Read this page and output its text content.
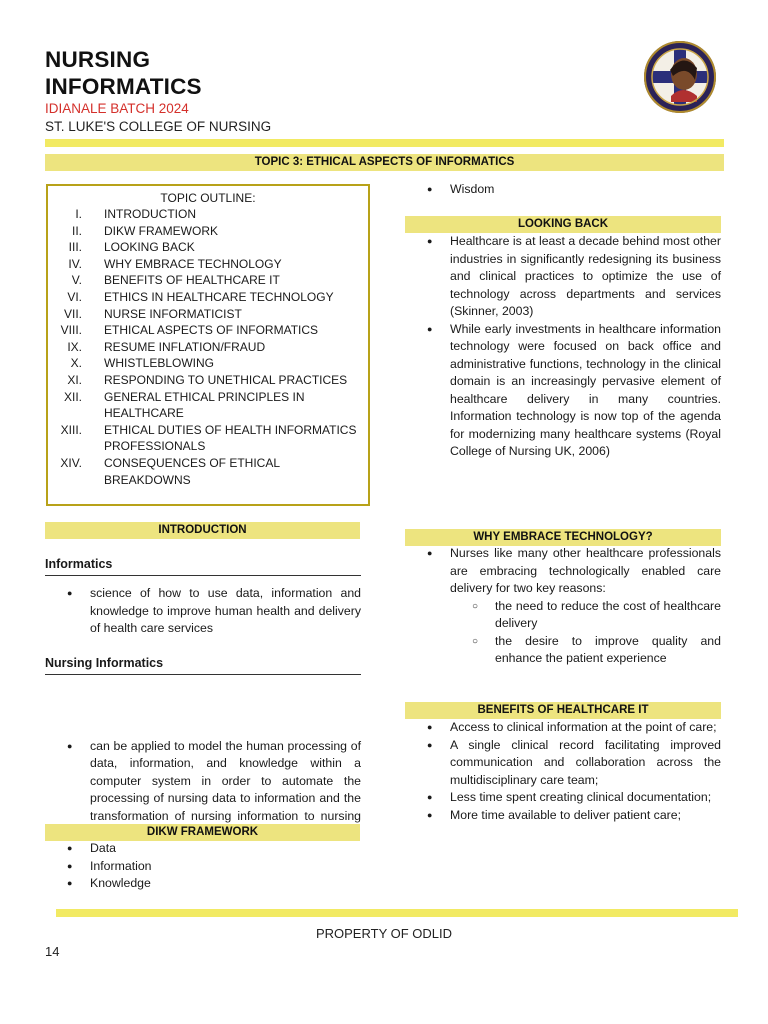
NURSING INFORMATICS
IDIANALE BATCH 2024
ST. LUKE'S COLLEGE OF NURSING
TOPIC 3: ETHICAL ASPECTS OF INFORMATICS
TOPIC OUTLINE:
I. INTRODUCTION
II. DIKW FRAMEWORK
III. LOOKING BACK
IV. WHY EMBRACE TECHNOLOGY
V. BENEFITS OF HEALTHCARE IT
VI. ETHICS IN HEALTHCARE TECHNOLOGY
VII. NURSE INFORMATICIST
VIII. ETHICAL ASPECTS OF INFORMATICS
IX. RESUME INFLATION/FRAUD
X. WHISTLEBLOWING
XI. RESPONDING TO UNETHICAL PRACTICES
XII. GENERAL ETHICAL PRINCIPLES IN HEALTHCARE
XIII. ETHICAL DUTIES OF HEALTH INFORMATICS PROFESSIONALS
XIV. CONSEQUENCES OF ETHICAL BREAKDOWNS
INTRODUCTION
Informatics
● science of how to use data, information and knowledge to improve human health and delivery of health care services
Nursing Informatics
● can be applied to model the human processing of data, information, and knowledge within a computer system in order to automate the processing of nursing data to information and the transformation of nursing information to nursing
DIKW FRAMEWORK
● Data
● Information
● Knowledge
● Wisdom
LOOKING BACK
● Healthcare is at least a decade behind most other industries in significantly redesigning its business and clinical practices to optimize the use of technology across departments and services (Skinner, 2003)
● While early investments in healthcare information technology were focused on back office and administrative functions, technology in the clinical domain is an increasingly pervasive element of healthcare delivery in many countries. Information technology is now top of the agenda for modernizing many healthcare systems (Royal College of Nursing UK, 2006)
WHY EMBRACE TECHNOLOGY?
● Nurses like many other healthcare professionals are embracing technologically enabled care delivery for two key reasons:
○ the need to reduce the cost of healthcare delivery
○ the desire to improve quality and enhance the patient experience
BENEFITS OF HEALTHCARE IT
● Access to clinical information at the point of care;
● A single clinical record facilitating improved communication and collaboration across the multidisciplinary care team;
● Less time spent creating clinical documentation;
● More time available to deliver patient care;
PROPERTY OF ODLID
14
